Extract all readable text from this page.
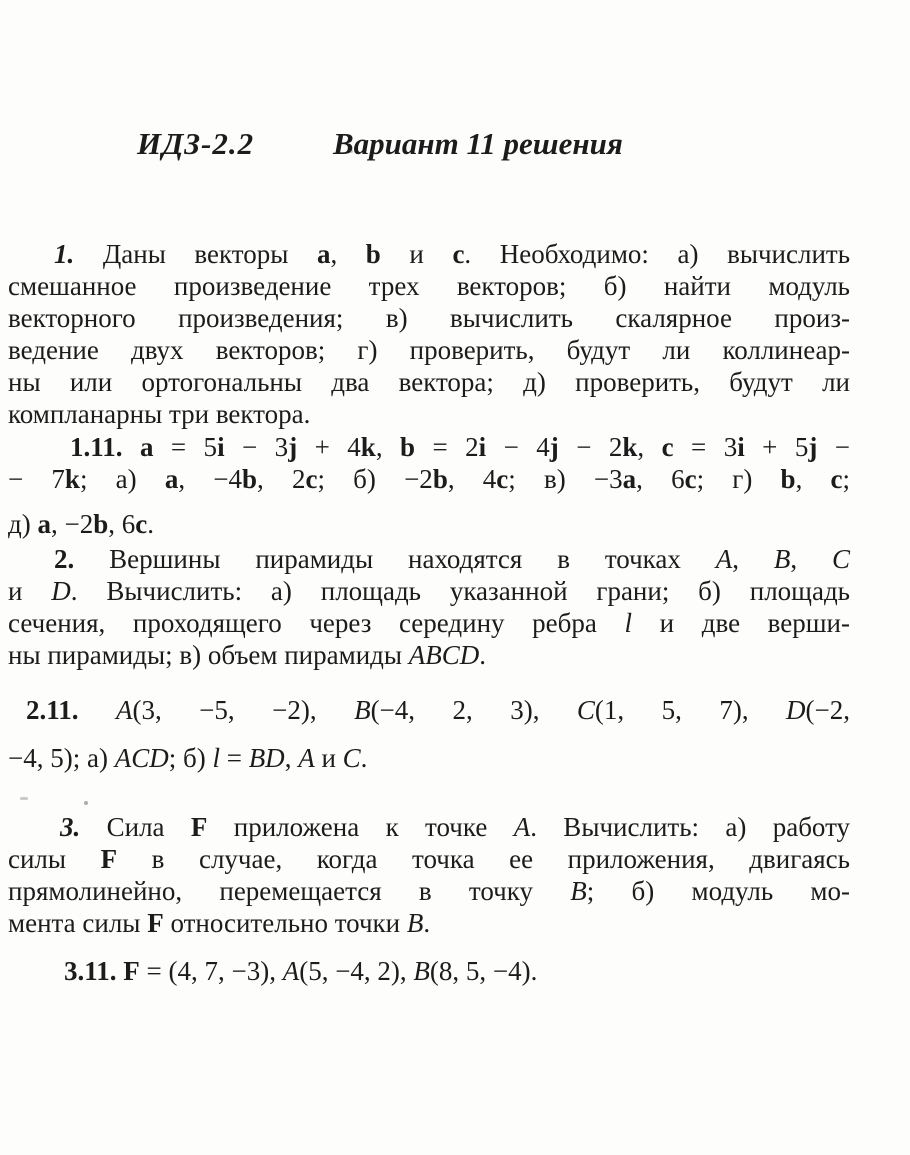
ИДЗ-2.2	Вариант 11 решения
1. Даны векторы a, b и c. Необходимо: а) вычислить
смешанное произведение трех векторов; б) найти модуль
векторного произведения; в) вычислить скалярное произ-
ведение двух векторов; г) проверить, будут ли коллинеар-
ны или ортогональны два вектора; д) проверить, будут ли
компланарны три вектора.
1.11. a = 5i − 3j + 4k, b = 2i − 4j − 2k, c = 3i + 5j −
− 7k; а) a, −4b, 2c; б) −2b, 4c; в) −3a, 6c; г) b, c;
д) a, −2b, 6c.
2. Вершины пирамиды находятся в точках A, B, C
и D. Вычислить: а) площадь указанной грани; б) площадь
сечения, проходящего через середину ребра l и две верши-
ны пирамиды; в) объем пирамиды ABCD.
2.11. A(3, −5, −2), B(−4, 2, 3), C(1, 5, 7), D(−2,
−4, 5); а) ACD; б) l = BD, A и C.
3. Сила F приложена к точке A. Вычислить: а) работу
силы F в случае, когда точка ее приложения, двигаясь
прямолинейно, перемещается в точку B; б) модуль мо-
мента силы F относительно точки B.
3.11. F = (4, 7, −3), A(5, −4, 2), B(8, 5, −4).
